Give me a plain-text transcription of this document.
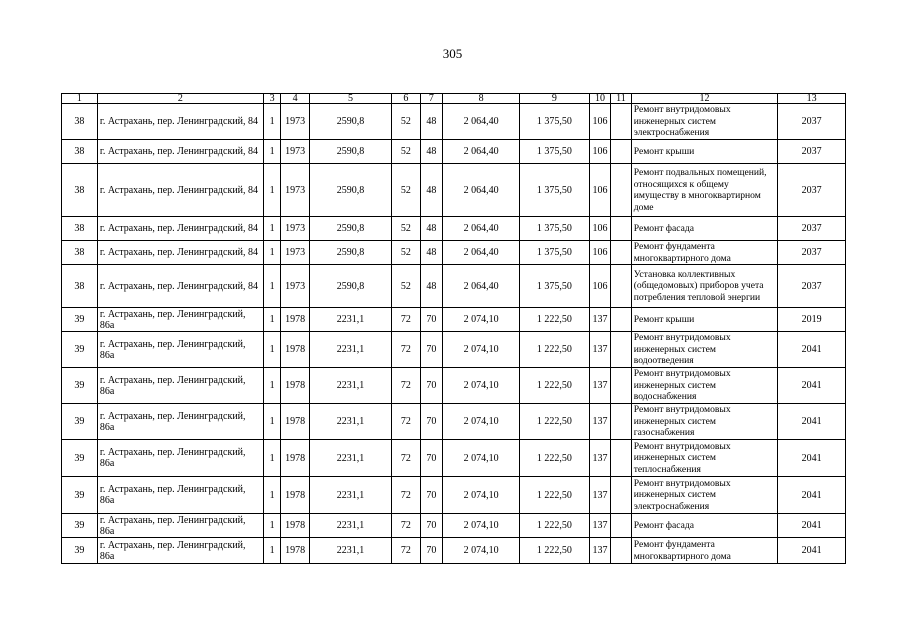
305
1	2	3	4	5	6	7	8	9	10	11	12	13
38	г. Астрахань, пер. Ленинградский, 84	1	1973	2590,8	52	48	2 064,40	1 375,50	106		Ремонт внутридомовых инженерных систем электроснабжения	2037
38	г. Астрахань, пер. Ленинградский, 84	1	1973	2590,8	52	48	2 064,40	1 375,50	106		Ремонт крыши	2037
38	г. Астрахань, пер. Ленинградский, 84	1	1973	2590,8	52	48	2 064,40	1 375,50	106		Ремонт подвальных помещений, относящихся к общему имуществу в многоквартирном доме	2037
38	г. Астрахань, пер. Ленинградский, 84	1	1973	2590,8	52	48	2 064,40	1 375,50	106		Ремонт фасада	2037
38	г. Астрахань, пер. Ленинградский, 84	1	1973	2590,8	52	48	2 064,40	1 375,50	106		Ремонт фундамента многоквартирного дома	2037
38	г. Астрахань, пер. Ленинградский, 84	1	1973	2590,8	52	48	2 064,40	1 375,50	106		Установка коллективных (общедомовых) приборов учета потребления тепловой энергии	2037
39	г. Астрахань, пер. Ленинградский, 86а	1	1978	2231,1	72	70	2 074,10	1 222,50	137		Ремонт крыши	2019
39	г. Астрахань, пер. Ленинградский, 86а	1	1978	2231,1	72	70	2 074,10	1 222,50	137		Ремонт внутридомовых инженерных систем водоотведения	2041
39	г. Астрахань, пер. Ленинградский, 86а	1	1978	2231,1	72	70	2 074,10	1 222,50	137		Ремонт внутридомовых инженерных систем водоснабжения	2041
39	г. Астрахань, пер. Ленинградский, 86а	1	1978	2231,1	72	70	2 074,10	1 222,50	137		Ремонт внутридомовых инженерных систем газоснабжения	2041
39	г. Астрахань, пер. Ленинградский, 86а	1	1978	2231,1	72	70	2 074,10	1 222,50	137		Ремонт внутридомовых инженерных систем теплоснабжения	2041
39	г. Астрахань, пер. Ленинградский, 86а	1	1978	2231,1	72	70	2 074,10	1 222,50	137		Ремонт внутридомовых инженерных систем электроснабжения	2041
39	г. Астрахань, пер. Ленинградский, 86а	1	1978	2231,1	72	70	2 074,10	1 222,50	137		Ремонт фасада	2041
39	г. Астрахань, пер. Ленинградский, 86а	1	1978	2231,1	72	70	2 074,10	1 222,50	137		Ремонт фундамента многоквартирного дома	2041
